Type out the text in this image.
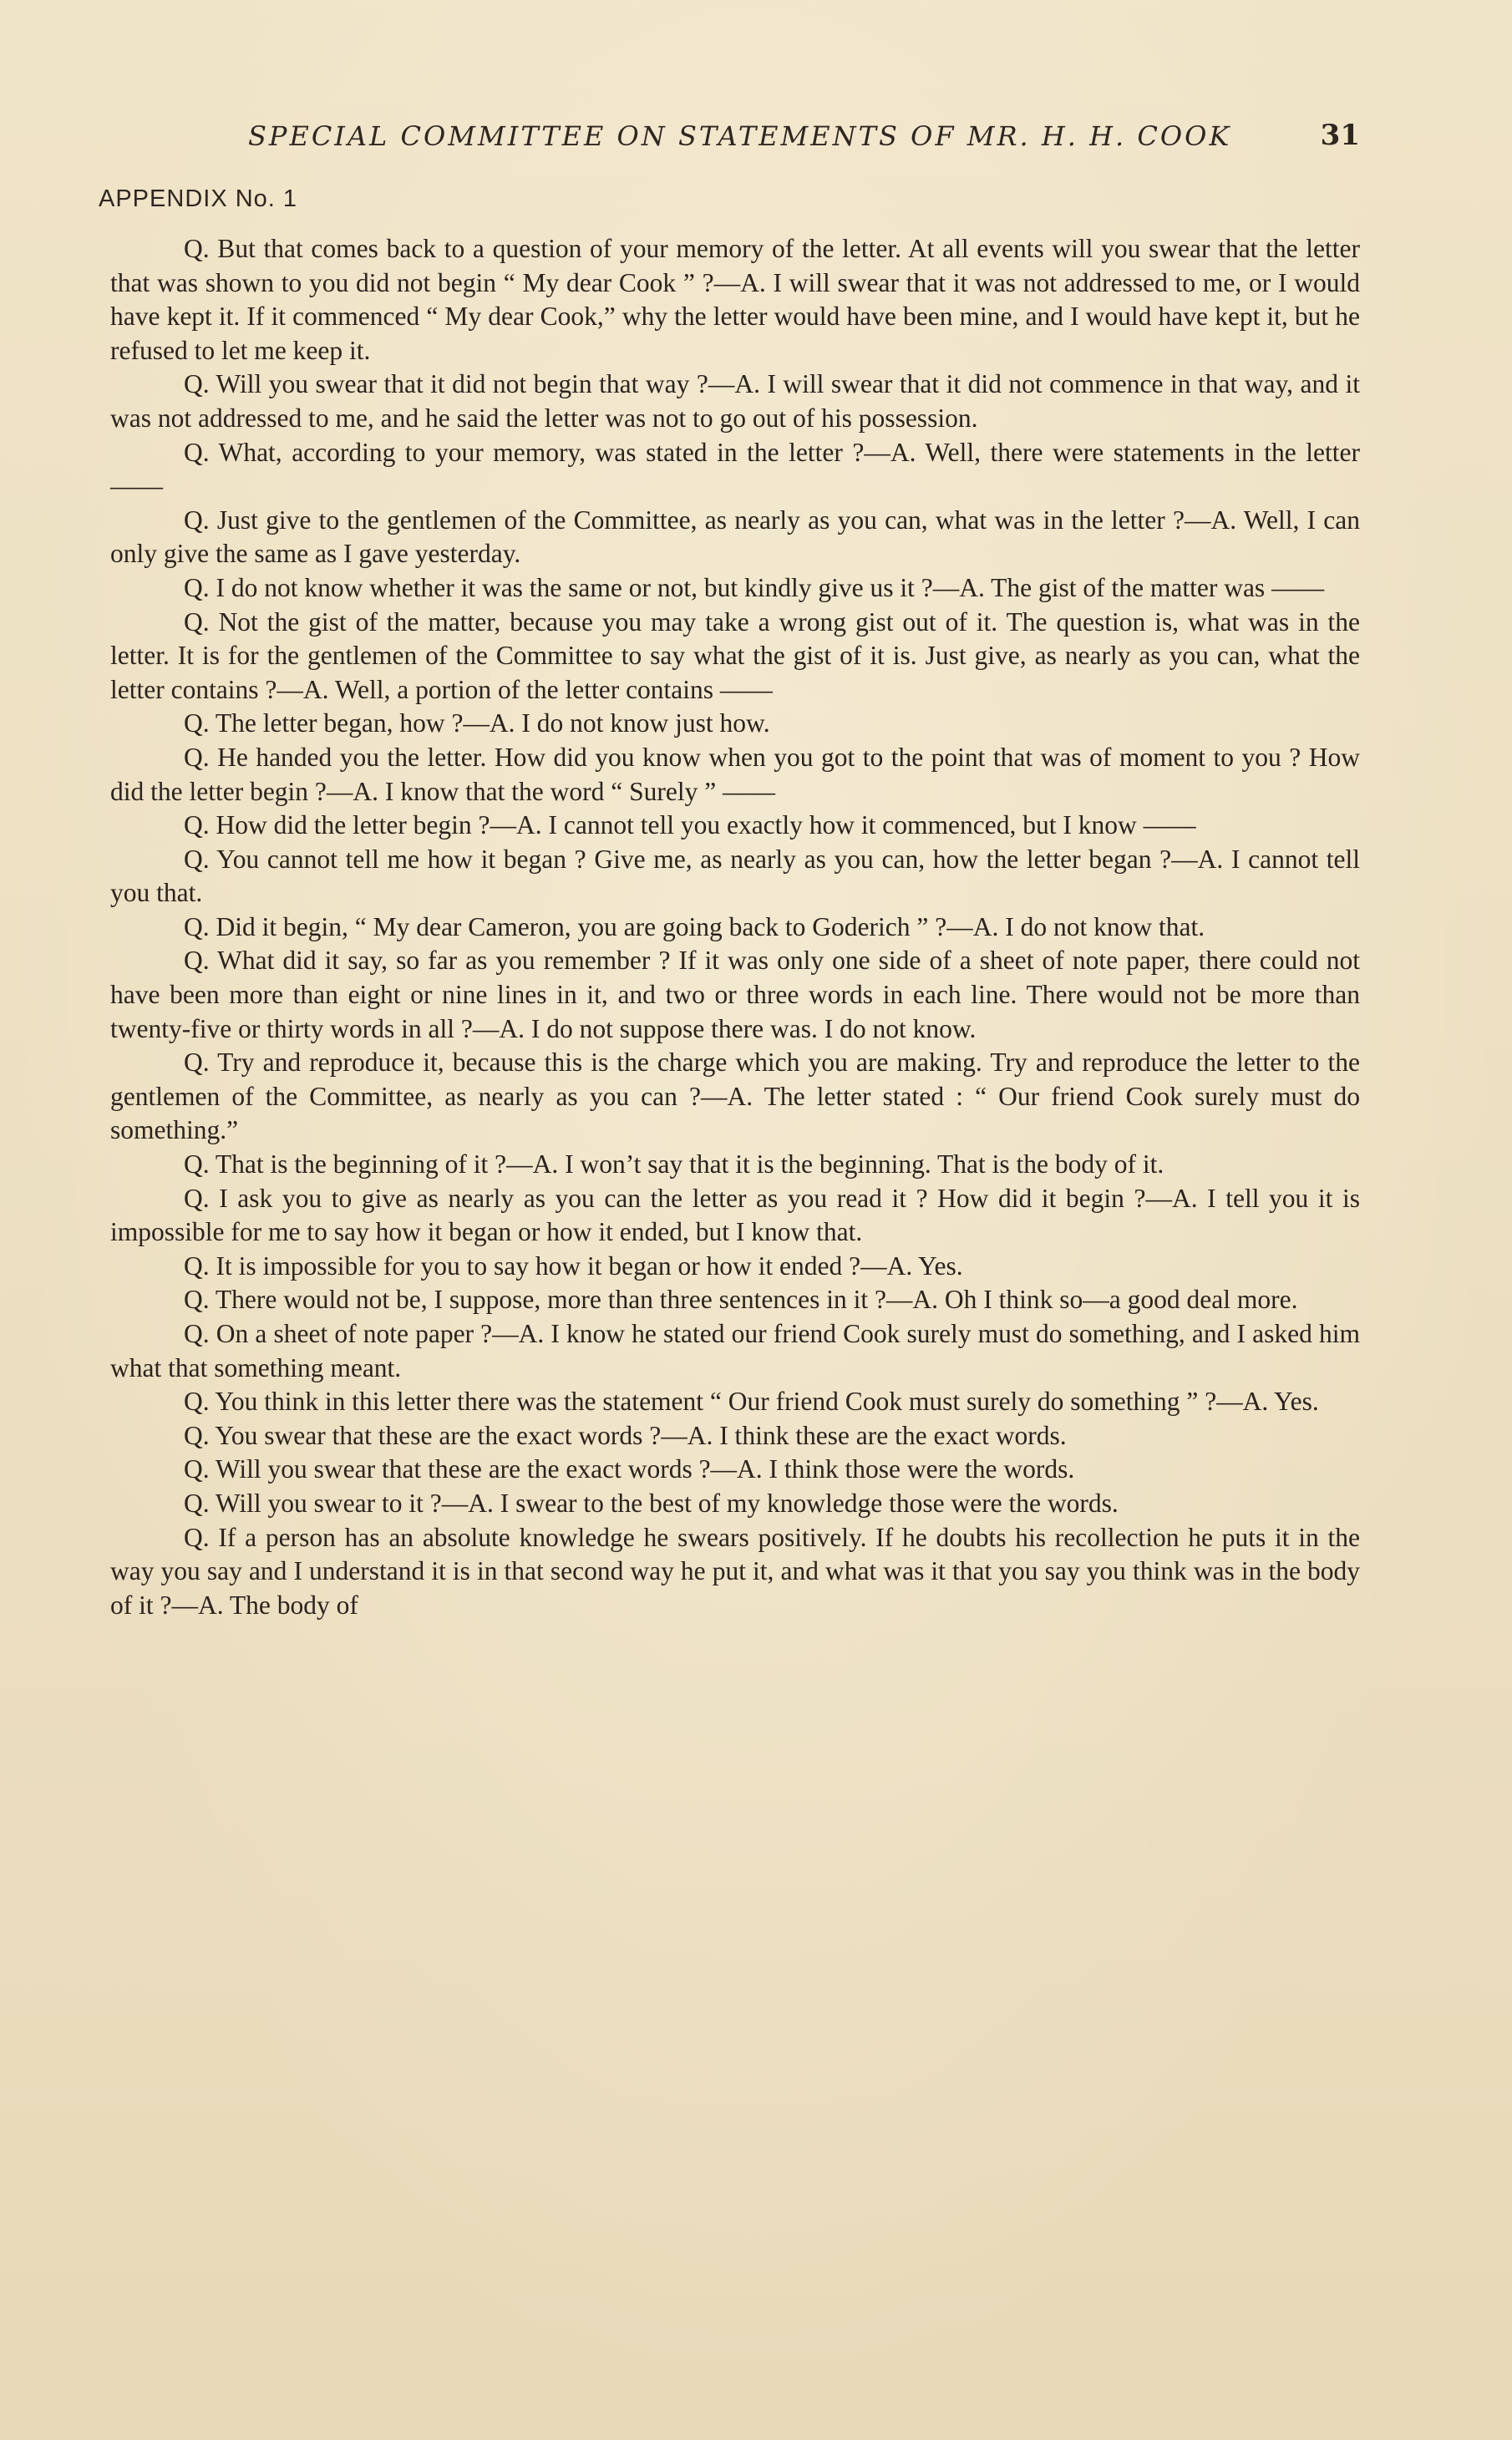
SPECIAL COMMITTEE ON STATEMENTS OF MR. H. H. COOK	31
APPENDIX No. 1

Q. But that comes back to a question of your memory of the letter. At all events will you swear that the letter that was shown to you did not begin “ My dear Cook ” ?—A. I will swear that it was not addressed to me, or I would have kept it. If it commenced “ My dear Cook,” why the letter would have been mine, and I would have kept it, but he refused to let me keep it.

Q. Will you swear that it did not begin that way ?—A. I will swear that it did not commence in that way, and it was not addressed to me, and he said the letter was not to go out of his possession.

Q. What, according to your memory, was stated in the letter ?—A. Well, there were statements in the letter ——

Q. Just give to the gentlemen of the Committee, as nearly as you can, what was in the letter ?—A. Well, I can only give the same as I gave yesterday.

Q. I do not know whether it was the same or not, but kindly give us it ?—A. The gist of the matter was ——

Q. Not the gist of the matter, because you may take a wrong gist out of it. The question is, what was in the letter. It is for the gentlemen of the Committee to say what the gist of it is. Just give, as nearly as you can, what the letter contains ?—A. Well, a portion of the letter contains ——

Q. The letter began, how ?—A. I do not know just how.

Q. He handed you the letter. How did you know when you got to the point that was of moment to you ? How did the letter begin ?—A. I know that the word “ Surely ” ——

Q. How did the letter begin ?—A. I cannot tell you exactly how it commenced, but I know ——

Q. You cannot tell me how it began ? Give me, as nearly as you can, how the letter began ?—A. I cannot tell you that.

Q. Did it begin, “ My dear Cameron, you are going back to Goderich ” ?—A. I do not know that.

Q. What did it say, so far as you remember ? If it was only one side of a sheet of note paper, there could not have been more than eight or nine lines in it, and two or three words in each line. There would not be more than twenty-five or thirty words in all ?—A. I do not suppose there was. I do not know.

Q. Try and reproduce it, because this is the charge which you are making. Try and reproduce the letter to the gentlemen of the Committee, as nearly as you can ?—A. The letter stated : “ Our friend Cook surely must do something.”

Q. That is the beginning of it ?—A. I won’t say that it is the beginning. That is the body of it.

Q. I ask you to give as nearly as you can the letter as you read it ? How did it begin ?—A. I tell you it is impossible for me to say how it began or how it ended, but I know that.

Q. It is impossible for you to say how it began or how it ended ?—A. Yes.

Q. There would not be, I suppose, more than three sentences in it ?—A. Oh I think so—a good deal more.

Q. On a sheet of note paper ?—A. I know he stated our friend Cook surely must do something, and I asked him what that something meant.

Q. You think in this letter there was the statement “ Our friend Cook must surely do something ” ?—A. Yes.

Q. You swear that these are the exact words ?—A. I think these are the exact words.

Q. Will you swear that these are the exact words ?—A. I think those were the words.

Q. Will you swear to it ?—A. I swear to the best of my knowledge those were the words.

Q. If a person has an absolute knowledge he swears positively. If he doubts his recollection he puts it in the way you say and I understand it is in that second way he put it, and what was it that you say you think was in the body of it ?—A. The body of
